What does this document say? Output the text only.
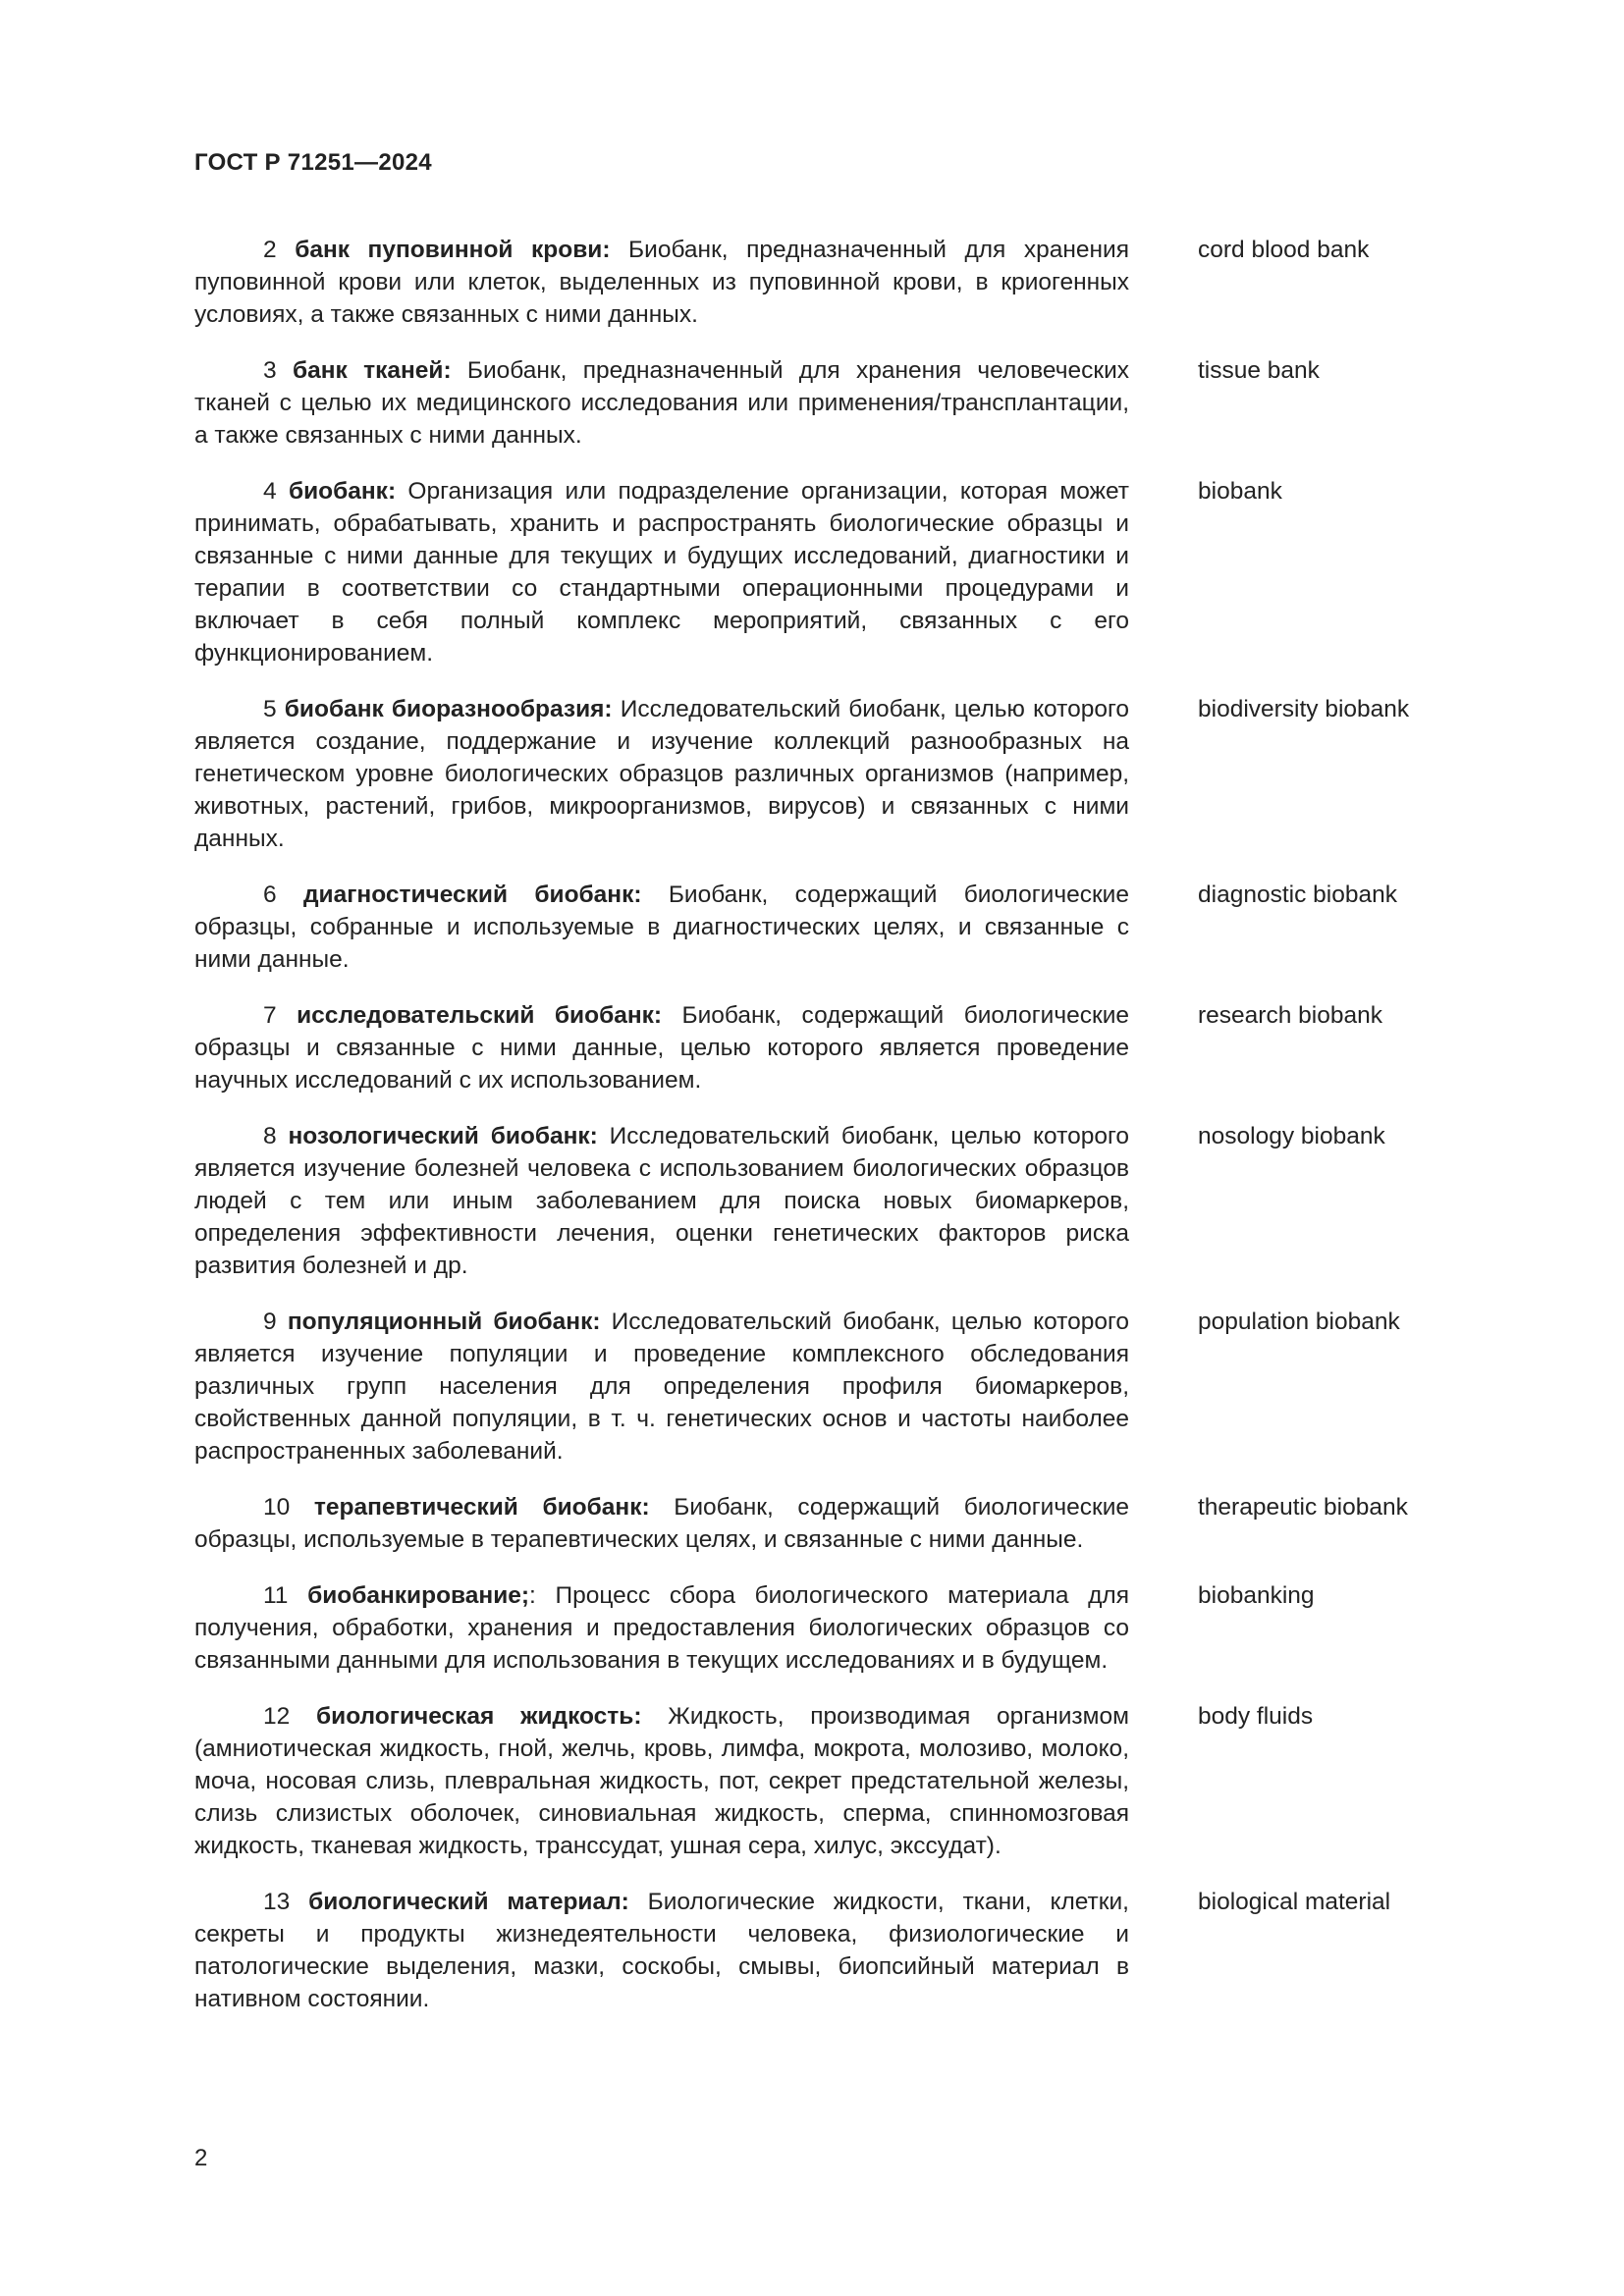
ГОСТ Р 71251—2024
2 банк пуповинной крови: Биобанк, предназначенный для хранения пуповинной крови или клеток, выделенных из пуповинной крови, в криогенных условиях, а также связанных с ними данных.
cord blood bank
3 банк тканей: Биобанк, предназначенный для хранения человеческих тканей с целью их медицинского исследования или применения/трансплантации, а также связанных с ними данных.
tissue bank
4 биобанк: Организация или подразделение организации, которая может принимать, обрабатывать, хранить и распространять биологические образцы и связанные с ними данные для текущих и будущих исследований, диагностики и терапии в соответствии со стандартными операционными процедурами и включает в себя полный комплекс мероприятий, связанных с его функционированием.
biobank
5 биобанк биоразнообразия: Исследовательский биобанк, целью которого является создание, поддержание и изучение коллекций разнообразных на генетическом уровне биологических образцов различных организмов (например, животных, растений, грибов, микроорганизмов, вирусов) и связанных с ними данных.
biodiversity biobank
6 диагностический биобанк: Биобанк, содержащий биологические образцы, собранные и используемые в диагностических целях, и связанные с ними данные.
diagnostic biobank
7 исследовательский биобанк: Биобанк, содержащий биологические образцы и связанные с ними данные, целью которого является проведение научных исследований с их использованием.
research biobank
8 нозологический биобанк: Исследовательский биобанк, целью которого является изучение болезней человека с использованием биологических образцов людей с тем или иным заболеванием для поиска новых биомаркеров, определения эффективности лечения, оценки генетических факторов риска развития болезней и др.
nosology biobank
9 популяционный биобанк: Исследовательский биобанк, целью которого является изучение популяции и проведение комплексного обследования различных групп населения для определения профиля биомаркеров, свойственных данной популяции, в т. ч. генетических основ и частоты наиболее распространенных заболеваний.
population biobank
10 терапевтический биобанк: Биобанк, содержащий биологические образцы, используемые в терапевтических целях, и связанные с ними данные.
therapeutic biobank
11 биобанкирование;: Процесс сбора биологического материала для получения, обработки, хранения и предоставления биологических образцов со связанными данными для использования в текущих исследованиях и в будущем.
biobanking
12 биологическая жидкость: Жидкость, производимая организмом (амниотическая жидкость, гной, желчь, кровь, лимфа, мокрота, молозиво, молоко, моча, носовая слизь, плевральная жидкость, пот, секрет предстательной железы, слизь слизистых оболочек, синовиальная жидкость, сперма, спинномозговая жидкость, тканевая жидкость, транссудат, ушная сера, хилус, экссудат).
body fluids
13 биологический материал: Биологические жидкости, ткани, клетки, секреты и продукты жизнедеятельности человека, физиологические и патологические выделения, мазки, соскобы, смывы, биопсийный материал в нативном состоянии.
biological material
2
